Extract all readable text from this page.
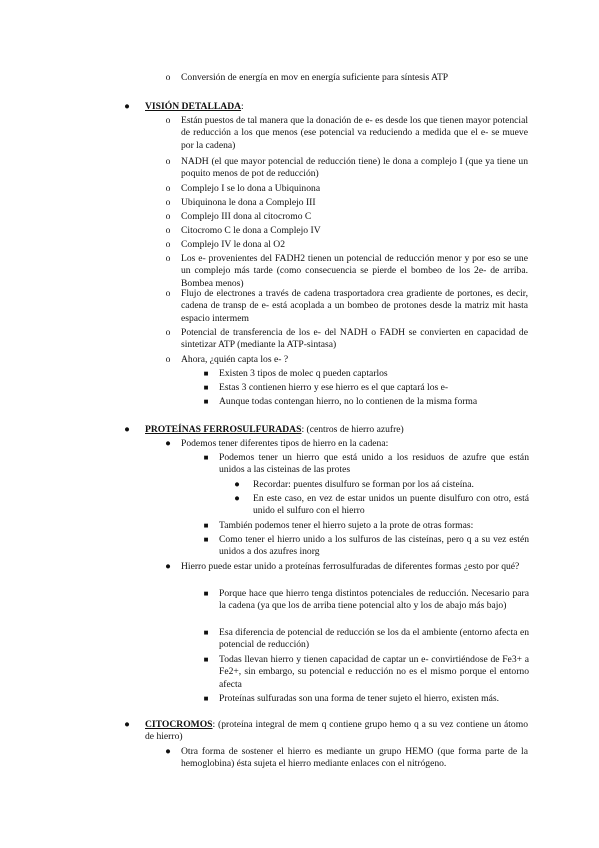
o Conversión de energía en mov en energía suficiente para síntesis ATP
● VISIÓN DETALLADA:
o Están puestos de tal manera que la donación de e- es desde los que tienen mayor potencial de reducción a los que menos (ese potencial va reduciendo a medida que el e- se mueve por la cadena)
o NADH (el que mayor potencial de reducción tiene) le dona a complejo I (que ya tiene un poquito menos de pot de reducción)
o Complejo I se lo dona a Ubiquinona
o Ubiquinona le dona a Complejo III
o Complejo III dona al citocromo C
o Citocromo C le dona a Complejo IV
o Complejo IV le dona al O2
o Los e- provenientes del FADH2 tienen un potencial de reducción menor y por eso se une un complejo más tarde (como consecuencia se pierde el bombeo de los 2e- de arriba. Bombea menos)
o Flujo de electrones a través de cadena trasportadora crea gradiente de portones, es decir, cadena de transp de e- está acoplada a un bombeo de protones desde la matriz mit hasta espacio intermem
o Potencial de transferencia de los e- del NADH o FADH se convierten en capacidad de sintetizar ATP (mediante la ATP-sintasa)
o Ahora, ¿quién capta los e- ?
■ Existen 3 tipos de molec q pueden captarlos
■ Estas 3 contienen hierro y ese hierro es el que captará los e-
■ Aunque todas contengan hierro, no lo contienen de la misma forma
● PROTEÍNAS FERROSULFURADAS: (centros de hierro azufre)
● Podemos tener diferentes tipos de hierro en la cadena:
■ Podemos tener un hierro que está unido a los residuos de azufre que están unidos a las cisteinas de las protes
● Recordar: puentes disulfuro se forman por los aá cisteína.
● En este caso, en vez de estar unidos un puente disulfuro con otro, está unido el sulfuro con el hierro
■ También podemos tener el hierro sujeto a la prote de otras formas:
■ Como tener el hierro unido a los sulfuros de las cisteínas, pero q a su vez estén unidos a dos azufres inorg
● Hierro puede estar unido a proteínas ferrosulfuradas de diferentes formas ¿esto por qué?
■ Porque hace que hierro tenga distintos potenciales de reducción. Necesario para la cadena (ya que los de arriba tiene potencial alto y los de abajo más bajo)
■ Esa diferencia de potencial de reducción se los da el ambiente (entorno afecta en potencial de reducción)
■ Todas llevan hierro y tienen capacidad de captar un e- convirtiéndose de Fe3+ a Fe2+, sin embargo, su potencial e reducción no es el mismo porque el entorno afecta
■ Proteínas sulfuradas son una forma de tener sujeto el hierro, existen más.
● CITOCROMOS: (proteína integral de mem q contiene grupo hemo q a su vez contiene un átomo de hierro)
● Otra forma de sostener el hierro es mediante un grupo HEMO (que forma parte de la hemoglobina) ésta sujeta el hierro mediante enlaces con el nitrógeno.
